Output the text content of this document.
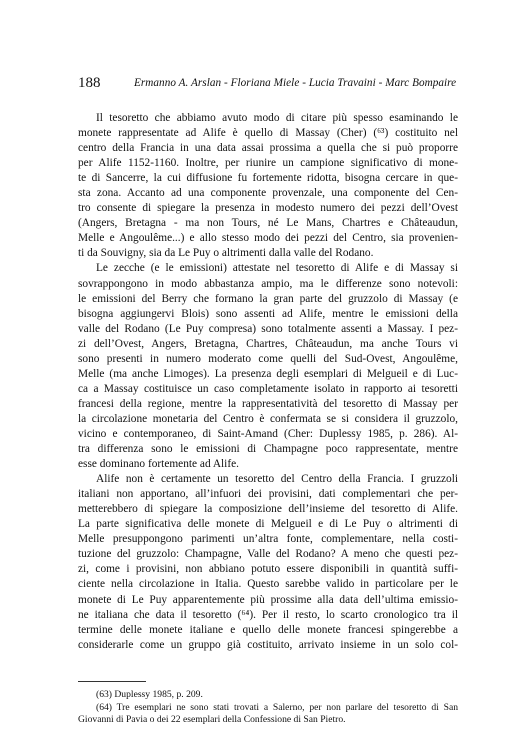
188	Ermanno A. Arslan - Floriana Miele - Lucia Travaini - Marc Bompaire
Il tesoretto che abbiamo avuto modo di citare più spesso esaminando le
monete rappresentate ad Alife è quello di Massay (Cher) (⁶³) costituito nel
centro della Francia in una data assai prossima a quella che si può proporre
per Alife 1152-1160. Inoltre, per riunire un campione significativo di mone-
te di Sancerre, la cui diffusione fu fortemente ridotta, bisogna cercare in que-
sta zona. Accanto ad una componente provenzale, una componente del Cen-
tro consente di spiegare la presenza in modesto numero dei pezzi dell’Ovest
(Angers, Bretagna - ma non Tours, né Le Mans, Chartres e Châteaudun,
Melle e Angoulême...) e allo stesso modo dei pezzi del Centro, sia provenien-
ti da Souvigny, sia da Le Puy o altrimenti dalla valle del Rodano.
Le zecche (e le emissioni) attestate nel tesoretto di Alife e di Massay si
sovrappongono in modo abbastanza ampio, ma le differenze sono notevoli:
le emissioni del Berry che formano la gran parte del gruzzolo di Massay (e
bisogna aggiungervi Blois) sono assenti ad Alife, mentre le emissioni della
valle del Rodano (Le Puy compresa) sono totalmente assenti a Massay. I pez-
zi dell’Ovest, Angers, Bretagna, Chartres, Châteaudun, ma anche Tours vi
sono presenti in numero moderato come quelli del Sud-Ovest, Angoulême,
Melle (ma anche Limoges). La presenza degli esemplari di Melgueil e di Luc-
ca a Massay costituisce un caso completamente isolato in rapporto ai tesoretti
francesi della regione, mentre la rappresentatività del tesoretto di Massay per
la circolazione monetaria del Centro è confermata se si considera il gruzzolo,
vicino e contemporaneo, di Saint-Amand (Cher: Duplessy 1985, p. 286). Al-
tra differenza sono le emissioni di Champagne poco rappresentate, mentre
esse dominano fortemente ad Alife.
Alife non è certamente un tesoretto del Centro della Francia. I gruzzoli
italiani non apportano, all’infuori dei provisini, dati complementari che per-
metterebbero di spiegare la composizione dell’insieme del tesoretto di Alife.
La parte significativa delle monete di Melgueil e di Le Puy o altrimenti di
Melle presuppongono parimenti un’altra fonte, complementare, nella costi-
tuzione del gruzzolo: Champagne, Valle del Rodano? A meno che questi pez-
zi, come i provisini, non abbiano potuto essere disponibili in quantità suffi-
ciente nella circolazione in Italia. Questo sarebbe valido in particolare per le
monete di Le Puy apparentemente più prossime alla data dell’ultima emissio-
ne italiana che data il tesoretto (⁶⁴). Per il resto, lo scarto cronologico tra il
termine delle monete italiane e quello delle monete francesi spingerebbe a
considerarle come un gruppo già costituito, arrivato insieme in un solo col-
(63) Duplessy 1985, p. 209.
(64) Tre esemplari ne sono stati trovati a Salerno, per non parlare del tesoretto di San
Giovanni di Pavia o dei 22 esemplari della Confessione di San Pietro.
